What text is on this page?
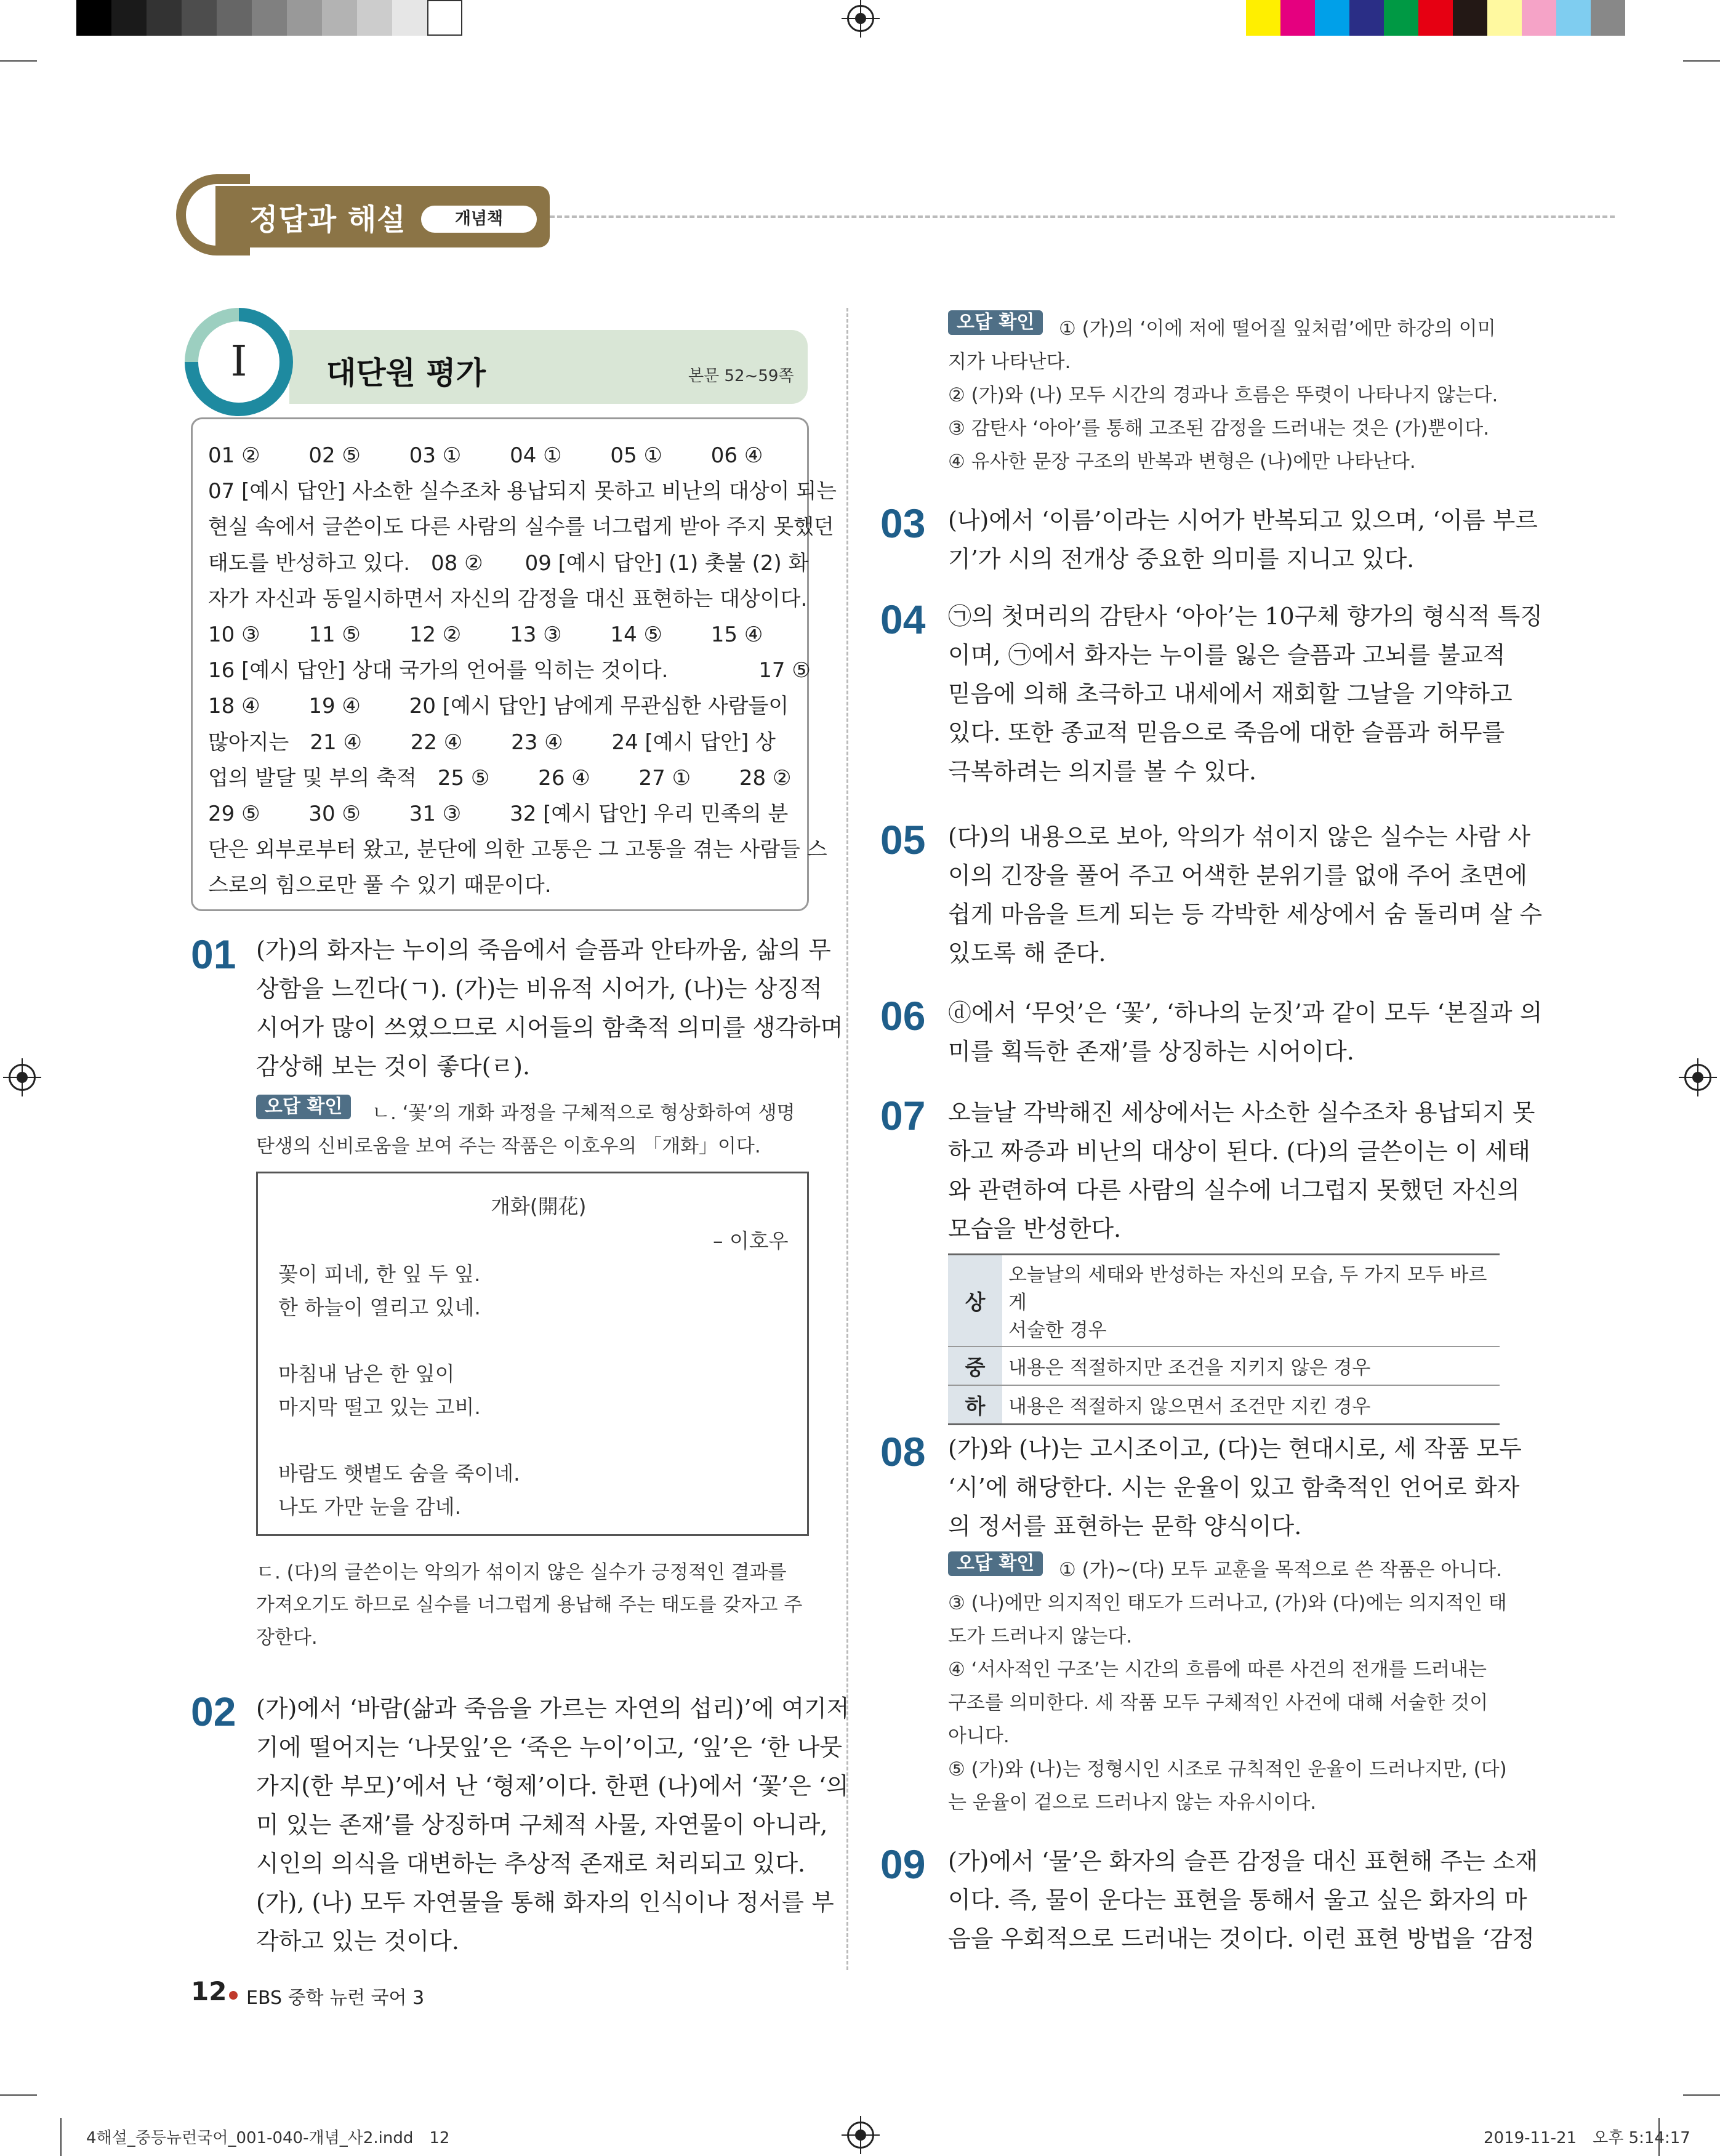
정답과 해설	개념책
I	대단원 평가	본문 52~59쪽
01 ②　　 02 ⑤　　 03 ①　　 04 ①　　 05 ①　　 06 ④
07 [예시 답안] 사소한 실수조차 용납되지 못하고 비난의 대상이 되는
현실 속에서 글쓴이도 다른 사람의 실수를 너그럽게 받아 주지 못했던
태도를 반성하고 있다.　08 ②　　09 [예시 답안] (1) 촛불 (2) 화
자가 자신과 동일시하면서 자신의 감정을 대신 표현하는 대상이다.
10 ③　　 11 ⑤　　 12 ②　　 13 ③　　 14 ⑤　　 15 ④
16 [예시 답안] 상대 국가의 언어를 익히는 것이다.　　　　 17 ⑤
18 ④　　 19 ④　　 20 [예시 답안] 남에게 무관심한 사람들이
많아지는　21 ④　　 22 ④　　 23 ④　　 24 [예시 답안] 상
업의 발달 및 부의 축적　25 ⑤　　 26 ④　　 27 ①　　 28 ②
29 ⑤　　 30 ⑤　　 31 ③　　 32 [예시 답안] 우리 민족의 분
단은 외부로부터 왔고, 분단에 의한 고통은 그 고통을 겪는 사람들 스
스로의 힘으로만 풀 수 있기 때문이다.
01 (가)의 화자는 누이의 죽음에서 슬픔과 안타까움, 삶의 무
상함을 느낀다(ㄱ). (가)는 비유적 시어가, (나)는 상징적
시어가 많이 쓰였으므로 시어들의 함축적 의미를 생각하며
감상해 보는 것이 좋다(ㄹ).
오답 확인	ㄴ. ‘꽃’의 개화 과정을 구체적으로 형상화하여 생명
탄생의 신비로움을 보여 주는 작품은 이호우의 「개화」이다.
개화(開花)
– 이호우
꽃이 피네, 한 잎 두 잎.
한 하늘이 열리고 있네.
마침내 남은 한 잎이
마지막 떨고 있는 고비.
바람도 햇볕도 숨을 죽이네.
나도 가만 눈을 감네.
ㄷ. (다)의 글쓴이는 악의가 섞이지 않은 실수가 긍정적인 결과를
가져오기도 하므로 실수를 너그럽게 용납해 주는 태도를 갖자고 주
장한다.
02 (가)에서 ‘바람(삶과 죽음을 가르는 자연의 섭리)’에 여기저
기에 떨어지는 ‘나뭇잎’은 ‘죽은 누이’이고, ‘잎’은 ‘한 나뭇
가지(한 부모)’에서 난 ‘형제’이다. 한편 (나)에서 ‘꽃’은 ‘의
미 있는 존재’를 상징하며 구체적 사물, 자연물이 아니라,
시인의 의식을 대변하는 추상적 존재로 처리되고 있다.
(가), (나) 모두 자연물을 통해 화자의 인식이나 정서를 부
각하고 있는 것이다.
오답 확인	① (가)의 ‘이에 저에 떨어질 잎처럼’에만 하강의 이미
지가 나타난다.
② (가)와 (나) 모두 시간의 경과나 흐름은 뚜렷이 나타나지 않는다.
③ 감탄사 ‘아아’를 통해 고조된 감정을 드러내는 것은 (가)뿐이다.
④ 유사한 문장 구조의 반복과 변형은 (나)에만 나타난다.
03 (나)에서 ‘이름’이라는 시어가 반복되고 있으며, ‘이름 부르
기’가 시의 전개상 중요한 의미를 지니고 있다.
04 ㉠의 첫머리의 감탄사 ‘아아’는 10구체 향가의 형식적 특징
이며, ㉠에서 화자는 누이를 잃은 슬픔과 고뇌를 불교적
믿음에 의해 초극하고 내세에서 재회할 그날을 기약하고
있다. 또한 종교적 믿음으로 죽음에 대한 슬픔과 허무를
극복하려는 의지를 볼 수 있다.
05 (다)의 내용으로 보아, 악의가 섞이지 않은 실수는 사람 사
이의 긴장을 풀어 주고 어색한 분위기를 없애 주어 초면에
쉽게 마음을 트게 되는 등 각박한 세상에서 숨 돌리며 살 수
있도록 해 준다.
06 ⓓ에서 ‘무엇’은 ‘꽃’, ‘하나의 눈짓’과 같이 모두 ‘본질과 의
미를 획득한 존재’를 상징하는 시어이다.
07 오늘날 각박해진 세상에서는 사소한 실수조차 용납되지 못
하고 짜증과 비난의 대상이 된다. (다)의 글쓴이는 이 세태
와 관련하여 다른 사람의 실수에 너그럽지 못했던 자신의
모습을 반성한다.
08 (가)와 (나)는 고시조이고, (다)는 현대시로, 세 작품 모두
‘시’에 해당한다. 시는 운율이 있고 함축적인 언어로 화자
의 정서를 표현하는 문학 양식이다.
09 (가)에서 ‘물’은 화자의 슬픈 감정을 대신 표현해 주는 소재
이다. 즉, 물이 운다는 표현을 통해서 울고 싶은 화자의 마
음을 우회적으로 드러내는 것이다. 이런 표현 방법을 ‘감정
상	오늘날의 세태와 반성하는 자신의 모습, 두 가지 모두 바르게
서술한 경우

중	내용은 적절하지만 조건을 지키지 않은 경우

하	내용은 적절하지 않으면서 조건만 지킨 경우
오답 확인	① (가)~(다) 모두 교훈을 목적으로 쓴 작품은 아니다.
③ (나)에만 의지적인 태도가 드러나고, (가)와 (다)에는 의지적인 태
도가 드러나지 않는다.
④ ‘서사적인 구조’는 시간의 흐름에 따른 사건의 전개를 드러내는
구조를 의미한다. 세 작품 모두 구체적인 사건에 대해 서술한 것이
아니다.
⑤ (가)와 (나)는 정형시인 시조로 규칙적인 운율이 드러나지만, (다)
는 운율이 겉으로 드러나지 않는 자유시이다.
12 EBS 중학 뉴런 국어 3
4해설_중등뉴런국어_001-040-개념_사2.indd　12	2019-11-21　오후 5:14:17
